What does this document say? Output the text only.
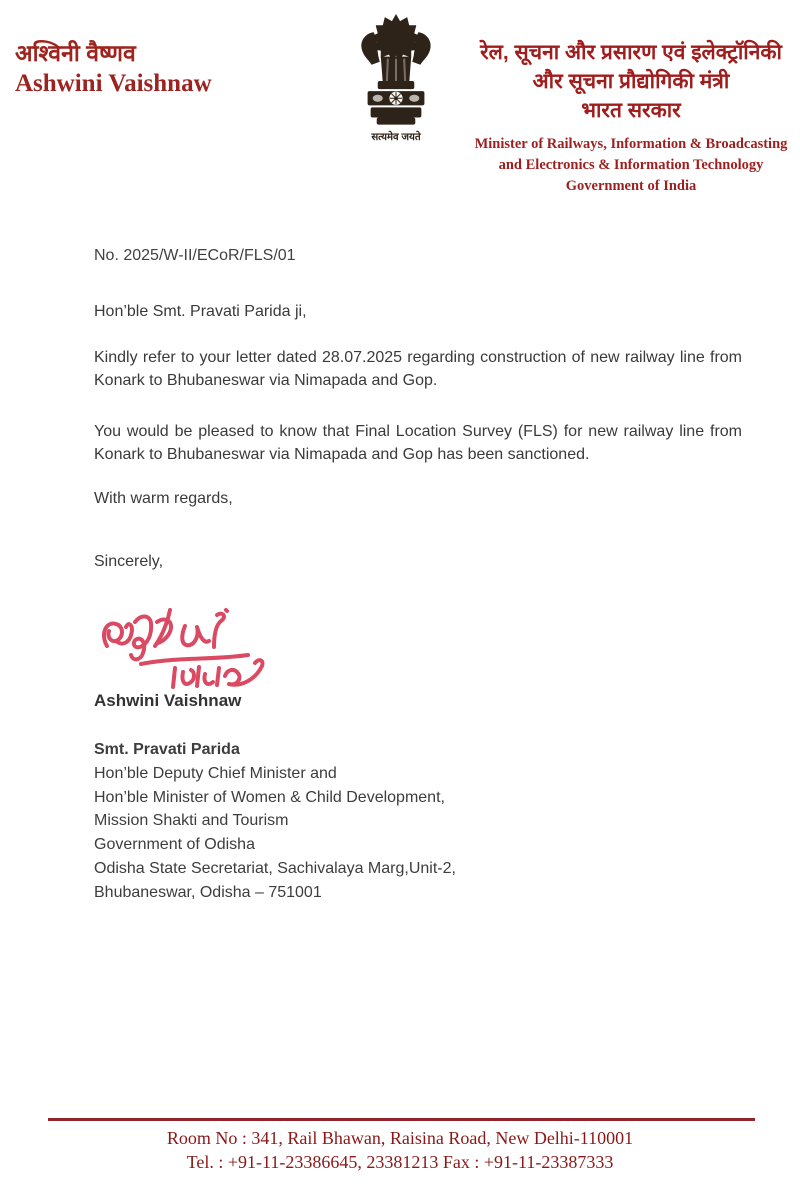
अश्विनी वैष्णव
Ashwini Vaishnaw
सत्यमेव जयते
रेल, सूचना और प्रसारण एवं इलेक्ट्रॉनिकी
और सूचना प्रौद्योगिकी मंत्री
भारत सरकार
Minister of Railways, Information & Broadcasting
and Electronics & Information Technology
Government of India
No. 2025/W-II/ECoR/FLS/01
Hon’ble Smt. Pravati Parida ji,
Kindly refer to your letter dated 28.07.2025 regarding construction of new railway line from Konark to Bhubaneswar via Nimapada and Gop.
You would be pleased to know that Final Location Survey (FLS) for new railway line from Konark to Bhubaneswar via Nimapada and Gop has been sanctioned.
With warm regards,
Sincerely,
Ashwini Vaishnaw
Smt. Pravati Parida
Hon’ble Deputy Chief Minister and
Hon’ble Minister of Women & Child Development,
Mission Shakti and Tourism
Government of Odisha
Odisha State Secretariat, Sachivalaya Marg,Unit-2,
Bhubaneswar, Odisha – 751001
Room No : 341, Rail Bhawan, Raisina Road, New Delhi-110001
Tel. : +91-11-23386645, 23381213 Fax : +91-11-23387333
